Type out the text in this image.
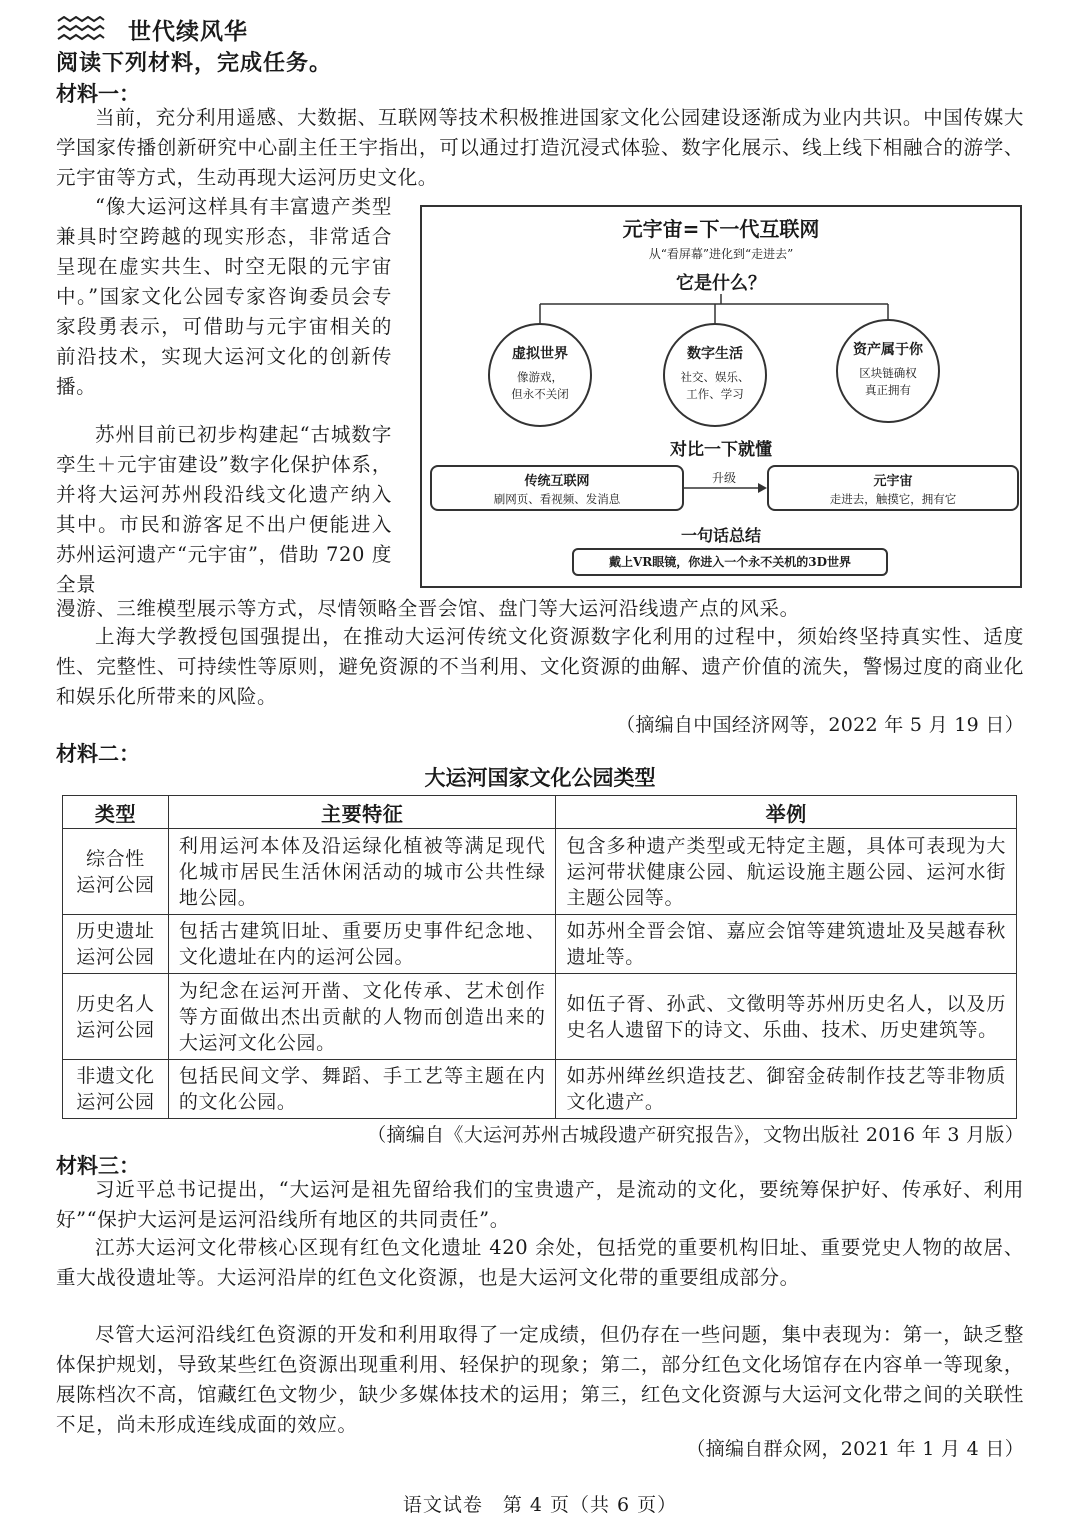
世代续风华
阅读下列材料，完成任务。
材料一：

当前，充分利用遥感、大数据、互联网等技术积极推进国家文化公园建设逐渐成为业内共识。中国传媒大学国家传播创新研究中心副主任王宇指出，可以通过打造沉浸式体验、数字化展示、线上线下相融合的游学、元宇宙等方式，生动再现大运河历史文化。

“像大运河这样具有丰富遗产类型兼具时空跨越的现实形态，非常适合呈现在虚实共生、时空无限的元宇宙中。”国家文化公园专家咨询委员会专家段勇表示，可借助与元宇宙相关的前沿技术，实现大运河文化的创新传播。

苏州目前已初步构建起“古城数字孪生＋元宇宙建设”数字化保护体系，并将大运河苏州段沿线文化遗产纳入其中。市民和游客足不出户便能进入苏州运河遗产“元宇宙”，借助 720 度全景

漫游、三维模型展示等方式，尽情领略全晋会馆、盘门等大运河沿线遗产点的风采。

上海大学教授包国强提出，在推动大运河传统文化资源数字化利用的过程中，须始终坚持真实性、适度性、完整性、可持续性等原则，避免资源的不当利用、文化资源的曲解、遗产价值的流失，警惕过度的商业化和娱乐化所带来的风险。

（摘编自中国经济网等，2022 年 5 月 19 日）
元宇宙=下一代互联网
从“看屏幕”进化到“走进去”
它是什么？
虚拟世界
像游戏，
但永不关闭
数字生活
社交、娱乐、
工作、学习
资产属于你
区块链确权
真正拥有
对比一下就懂
传统互联网
刷网页、看视频、发消息
升级	元宇宙
走进去，触摸它，拥有它
一句话总结
戴上VR眼镜，你进入一个永不关机的3D世界
材料二：
大运河国家文化公园类型
类型	主要特征	举例
综合性
运河公园	利用运河本体及沿运绿化植被等满足现代化城市居民生活休闲活动的城市公共性绿地公园。	包含多种遗产类型或无特定主题，具体可表现为大运河带状健康公园、航运设施主题公园、运河水街主题公园等。
历史遗址
运河公园	包括古建筑旧址、重要历史事件纪念地、文化遗址在内的运河公园。	如苏州全晋会馆、嘉应会馆等建筑遗址及吴越春秋遗址等。
历史名人
运河公园	为纪念在运河开凿、文化传承、艺术创作等方面做出杰出贡献的人物而创造出来的大运河文化公园。	如伍子胥、孙武、文徵明等苏州历史名人，以及历史名人遗留下的诗文、乐曲、技术、历史建筑等。
非遗文化
运河公园	包括民间文学、舞蹈、手工艺等主题在内的文化公园。	如苏州缂丝织造技艺、御窑金砖制作技艺等非物质文化遗产。
（摘编自《大运河苏州古城段遗产研究报告》，文物出版社 2016 年 3 月版）
材料三：

习近平总书记提出，“大运河是祖先留给我们的宝贵遗产，是流动的文化，要统筹保护好、传承好、利用好”“保护大运河是运河沿线所有地区的共同责任”。

江苏大运河文化带核心区现有红色文化遗址 420 余处，包括党的重要机构旧址、重要党史人物的故居、重大战役遗址等。大运河沿岸的红色文化资源，也是大运河文化带的重要组成部分。

尽管大运河沿线红色资源的开发和利用取得了一定成绩，但仍存在一些问题，集中表现为：第一，缺乏整体保护规划，导致某些红色资源出现重利用、轻保护的现象；第二，部分红色文化场馆存在内容单一等现象，展陈档次不高，馆藏红色文物少，缺少多媒体技术的运用；第三，红色文化资源与大运河文化带之间的关联性不足，尚未形成连线成面的效应。

（摘编自群众网，2021 年 1 月 4 日）
语文试卷　第 4 页（共 6 页）
